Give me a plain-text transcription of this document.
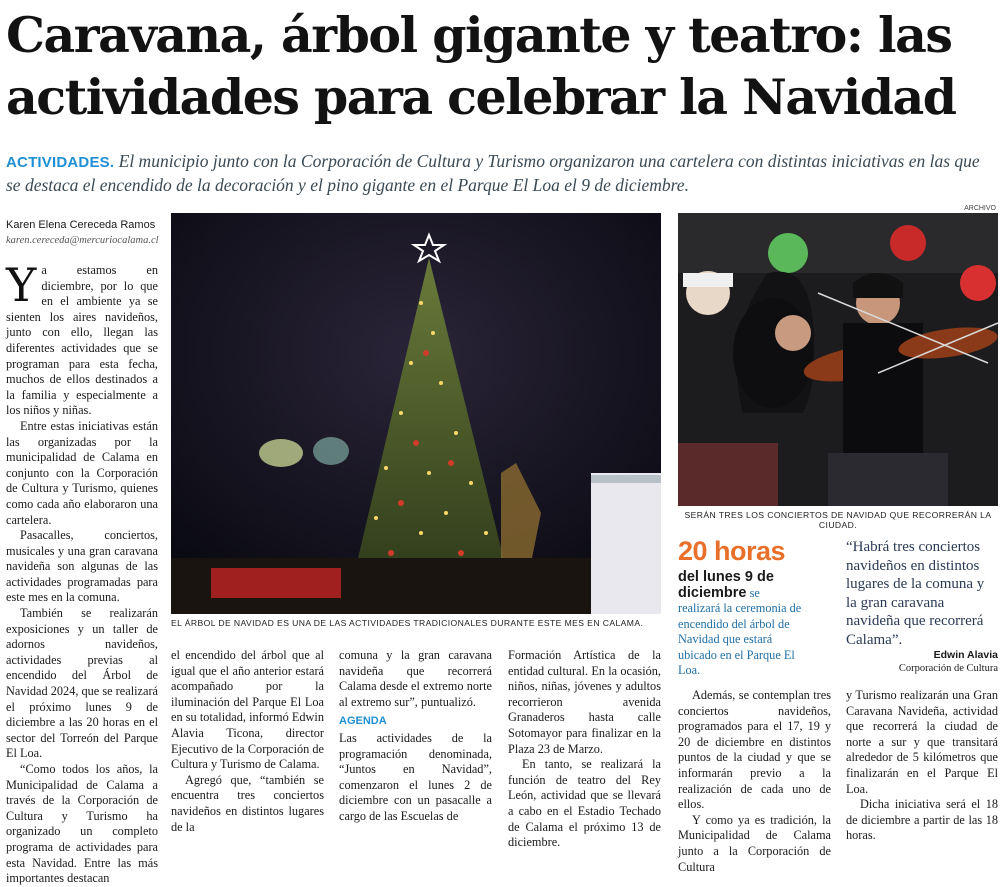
Caravana, árbol gigante y teatro: las
actividades para celebrar la Navidad
ACTIVIDADES. El municipio junto con la Corporación de Cultura y Turismo organizaron una cartelera con distintas iniciativas en las que se destaca el encendido de la decoración y el pino gigante en el Parque El Loa el 9 de diciembre.
Karen Elena Cereceda Ramos
karen.cereceda@mercuriocalama.cl

Ya estamos en diciembre, por lo que en el ambiente ya se sienten los aires navideños, junto con ello, llegan las diferentes actividades que se programan para esta fecha, muchos de ellos destinados a la familia y especialmente a los niños y niñas.

Entre estas iniciativas están las organizadas por la municipalidad de Calama en conjunto con la Corporación de Cultura y Turismo, quienes como cada año elaboraron una cartelera.

Pasacalles, conciertos, musicales y una gran caravana navideña son algunas de las actividades programadas para este mes en la comuna.

También se realizarán exposiciones y un taller de adornos navideños, actividades previas al encendido del Árbol de Navidad 2024, que se realizará el próximo lunes 9 de diciembre a las 20 horas en el sector del Torreón del Parque El Loa.

“Como todos los años, la Municipalidad de Calama a través de la Corporación de Cultura y Turismo ha organizado un completo programa de actividades para esta Navidad. Entre las más importantes destacan

EL ÁRBOL DE NAVIDAD ES UNA DE LAS ACTIVIDADES TRADICIONALES DURANTE ESTE MES EN CALAMA.
ARCHIVO
SERÁN TRES LOS CONCIERTOS DE NAVIDAD QUE RECORRERÁN LA CIUDAD.

el encendido del árbol que al igual que el año anterior estará acompañado por la iluminación del Parque El Loa en su totalidad, informó Edwin Alavia Ticona, director Ejecutivo de la Corporación de Cultura y Turismo de Calama.

Agregó que, “también se encuentra tres conciertos navideños en distintos lugares de la

comuna y la gran caravana navideña que recorrerá Calama desde el extremo norte al extremo sur”, puntualizó.

AGENDA

Las actividades de la programación denominada, “Juntos en Navidad”, comenzaron el lunes 2 de diciembre con un pasacalle a cargo de las Escuelas de

Formación Artística de la entidad cultural. En la ocasión, niños, niñas, jóvenes y adultos recorrieron avenida Granaderos hasta calle Sotomayor para finalizar en la Plaza 23 de Marzo.

En tanto, se realizará la función de teatro del Rey León, actividad que se llevará a cabo en el Estadio Techado de Calama el próximo 13 de diciembre.

20 horas
del lunes 9 de diciembre se realizará la ceremonia de encendido del árbol de Navidad que estará ubicado en el Parque El Loa.
“Habrá tres conciertos navideños en distintos lugares de la comuna y la gran caravana navideña que recorrerá Calama”.
Edwin Alavia
Corporación de Cultura

Además, se contemplan tres conciertos navideños, programados para el 17, 19 y 20 de diciembre en distintos puntos de la ciudad y que se informarán previo a la realización de cada uno de ellos.

Y como ya es tradición, la Municipalidad de Calama junto a la Corporación de Cultura

y Turismo realizarán una Gran Caravana Navideña, actividad que recorrerá la ciudad de norte a sur y que transitará alrededor de 5 kilómetros que finalizarán en el Parque El Loa.

Dicha iniciativa será el 18 de diciembre a partir de las 18 horas.
